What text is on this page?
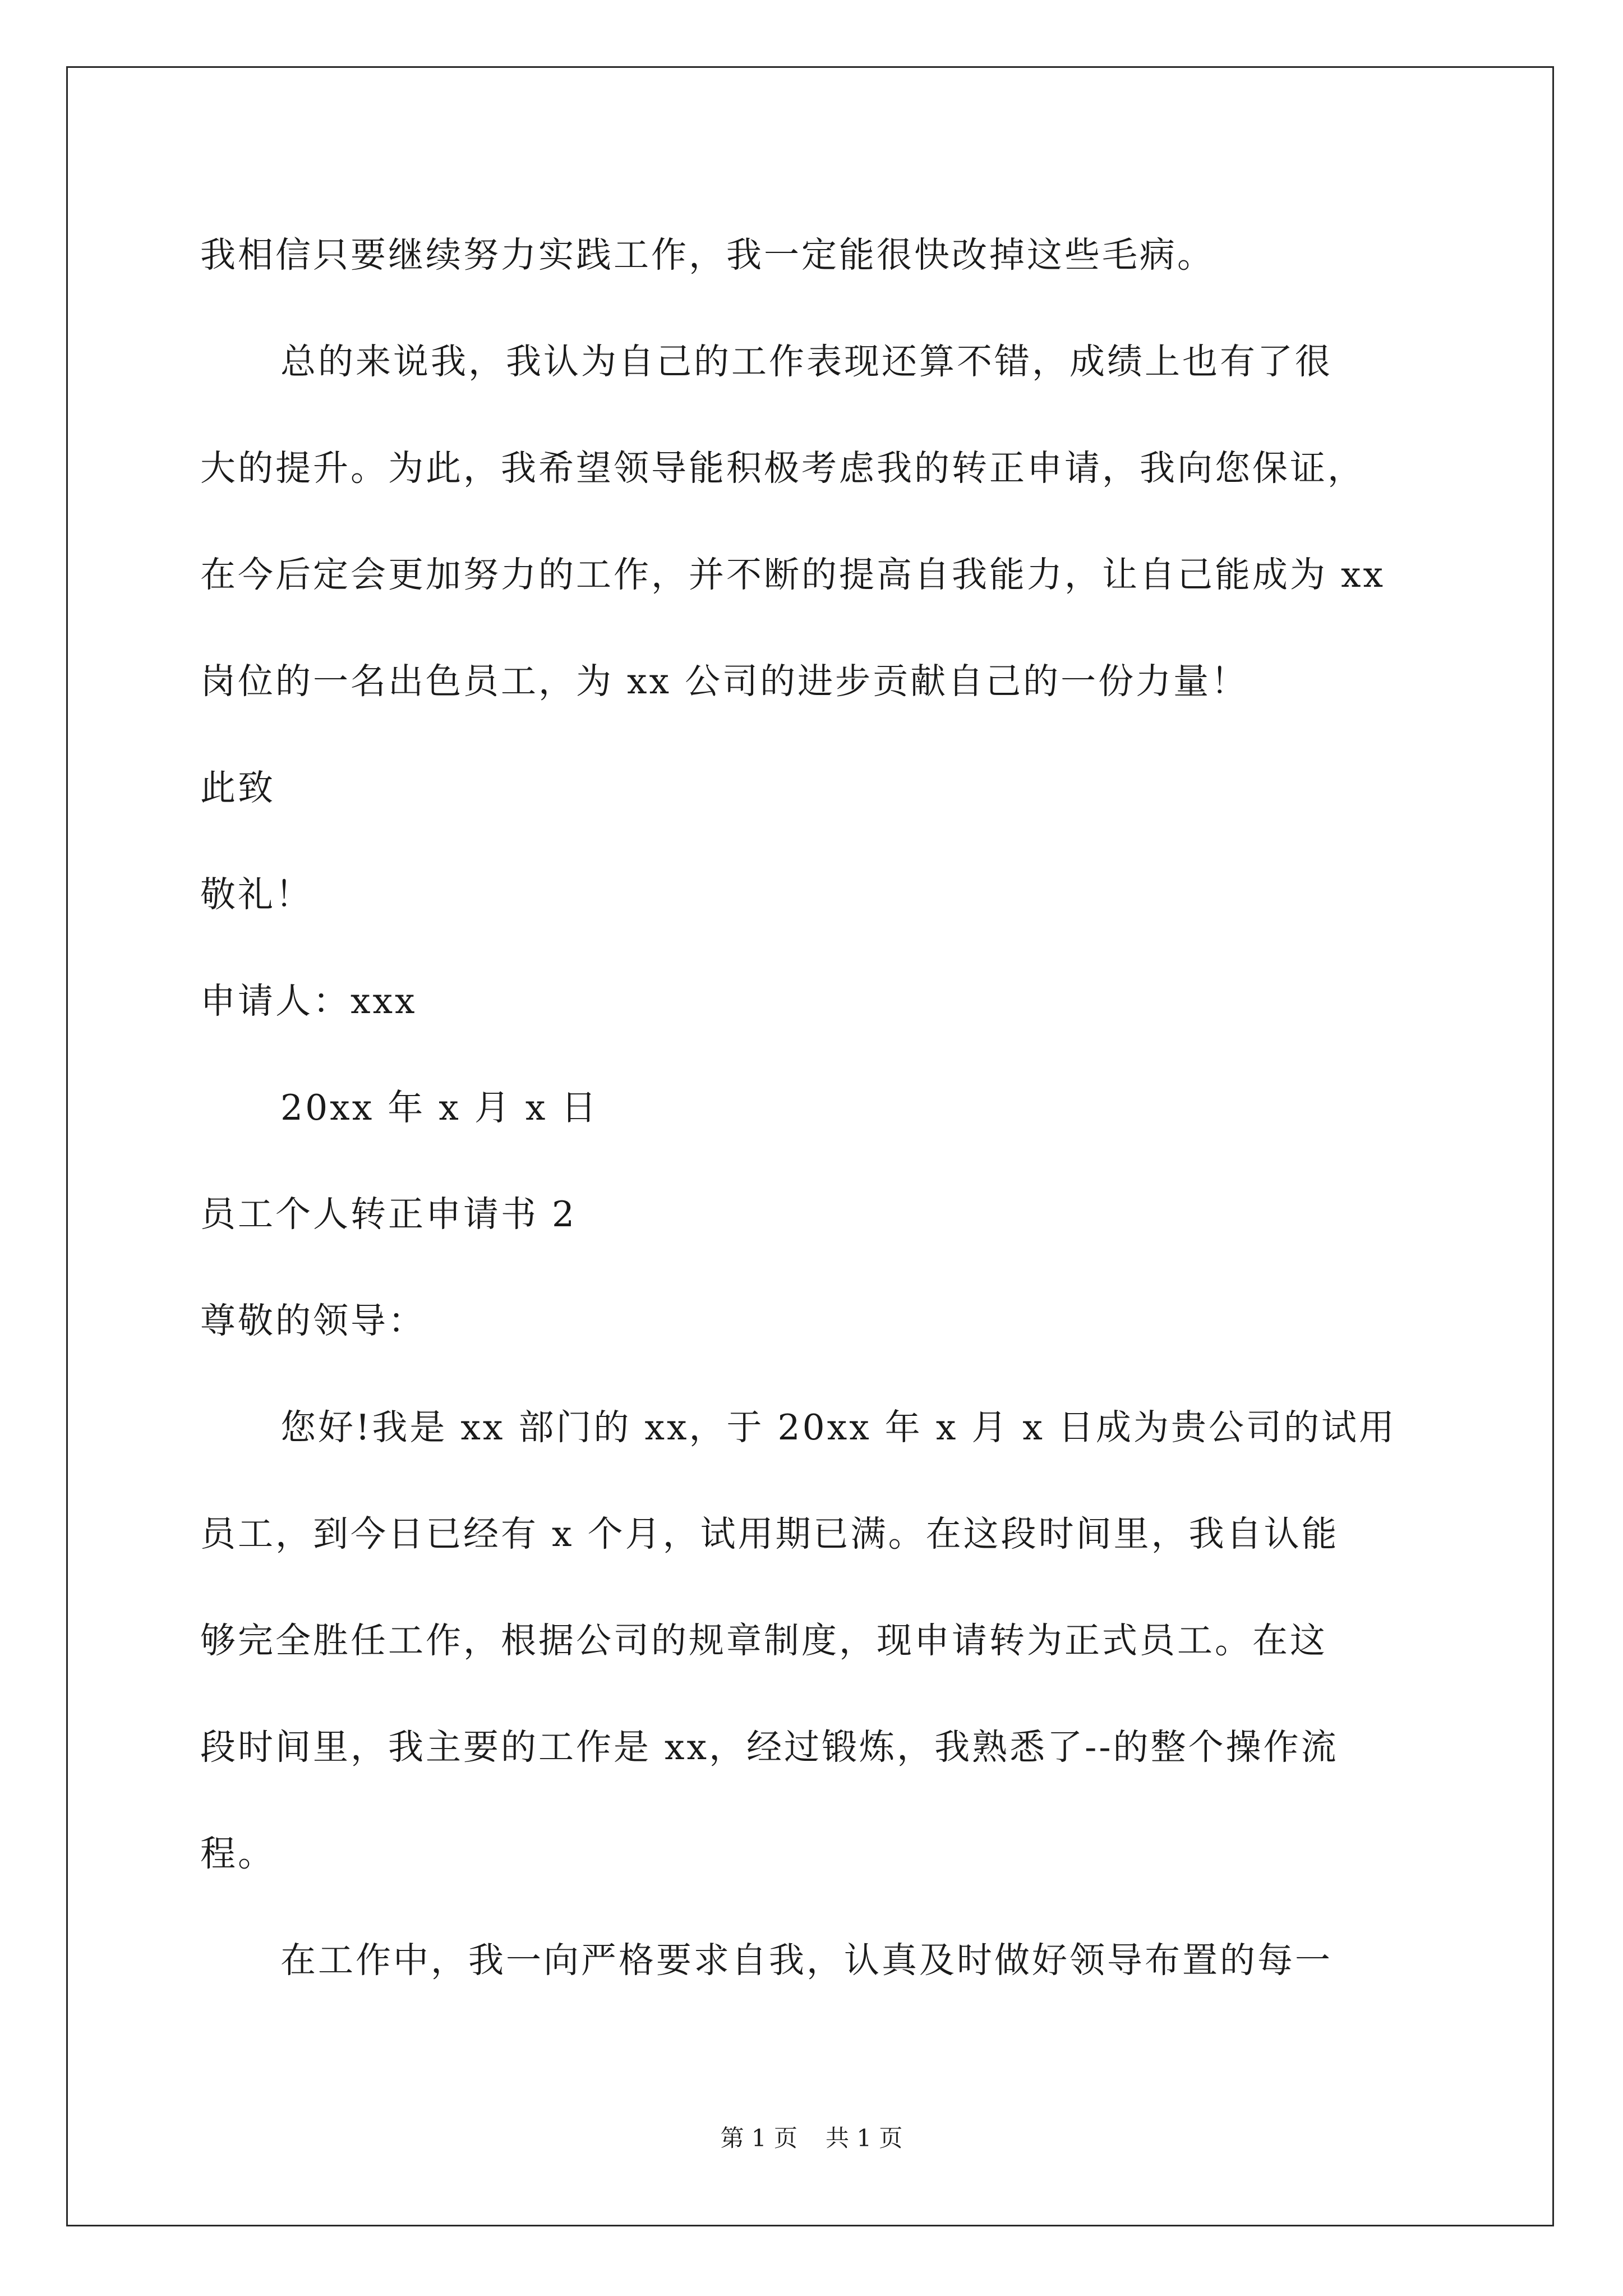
我相信只要继续努力实践工作，我一定能很快改掉这些毛病。
总的来说我，我认为自己的工作表现还算不错，成绩上也有了很
大的提升。为此，我希望领导能积极考虑我的转正申请，我向您保证，
在今后定会更加努力的工作，并不断的提高自我能力，让自己能成为 xx
岗位的一名出色员工，为 xx 公司的进步贡献自己的一份力量！
此致
敬礼！
申请人：xxx
20xx 年 x 月 x 日
员工个人转正申请书 2
尊敬的领导：
您好!我是 xx 部门的 xx，于 20xx 年 x 月 x 日成为贵公司的试用
员工，到今日已经有 x 个月，试用期已满。在这段时间里，我自认能
够完全胜任工作，根据公司的规章制度，现申请转为正式员工。在这
段时间里，我主要的工作是 xx，经过锻炼，我熟悉了--的整个操作流
程。
在工作中，我一向严格要求自我，认真及时做好领导布置的每一
第 1 页 共 1 页
